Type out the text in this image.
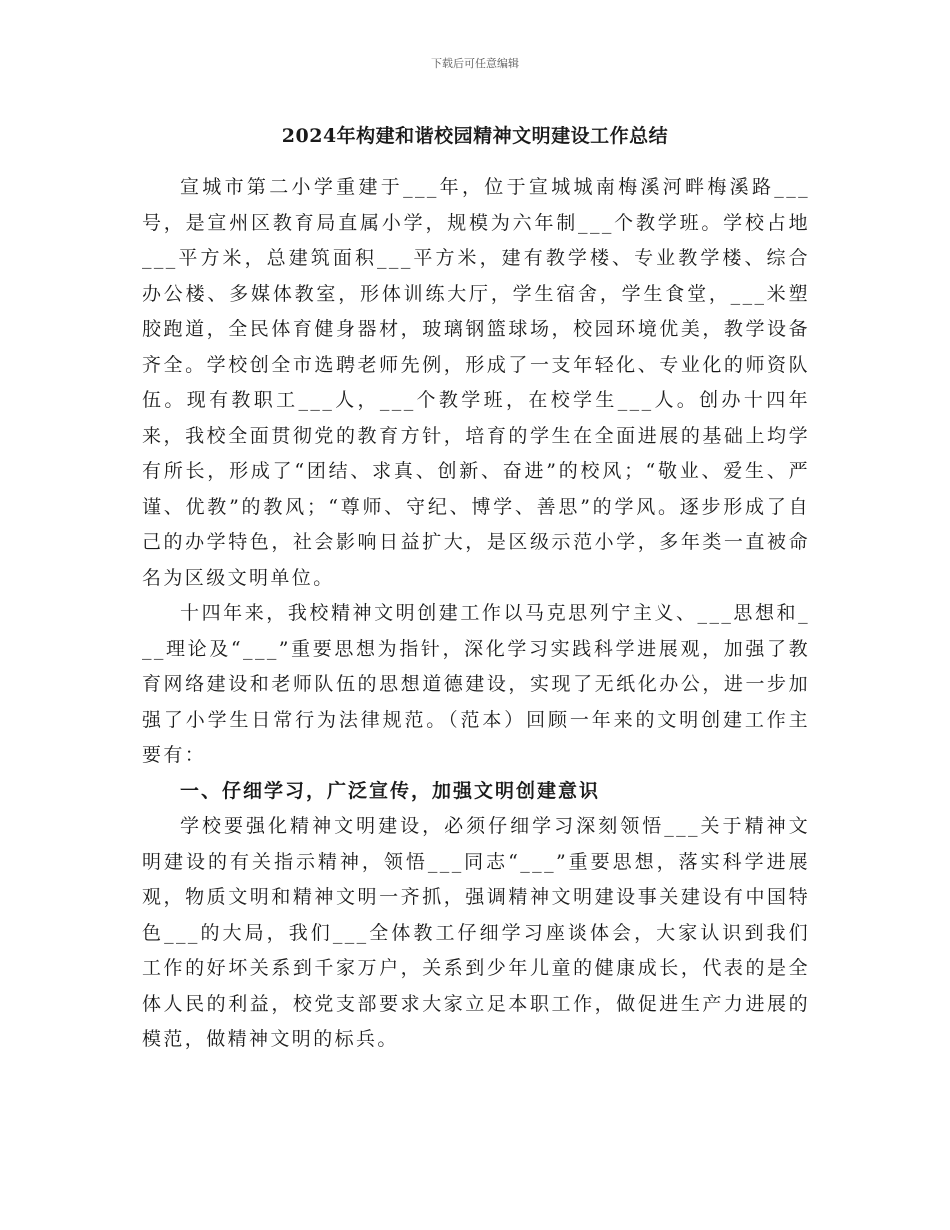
下载后可任意编辑
2024年构建和谐校园精神文明建设工作总结

宣城市第二小学重建于___年，位于宣城城南梅溪河畔梅溪路___号，是宣州区教育局直属小学，规模为六年制___个教学班。学校占地___平方米，总建筑面积___平方米，建有教学楼、专业教学楼、综合办公楼、多媒体教室，形体训练大厅，学生宿舍，学生食堂，___米塑胶跑道，全民体育健身器材，玻璃钢篮球场，校园环境优美，教学设备齐全。学校创全市选聘老师先例，形成了一支年轻化、专业化的师资队伍。现有教职工___人，___个教学班，在校学生___人。创办十四年来，我校全面贯彻党的教育方针，培育的学生在全面进展的基础上均学有所长，形成了“团结、求真、创新、奋进”的校风；“敬业、爱生、严谨、优教”的教风；“尊师、守纪、博学、善思”的学风。逐步形成了自己的办学特色，社会影响日益扩大，是区级示范小学，多年类一直被命名为区级文明单位。

十四年来，我校精神文明创建工作以马克思列宁主义、___思想和___理论及“___”重要思想为指针，深化学习实践科学进展观，加强了教育网络建设和老师队伍的思想道德建设，实现了无纸化办公，进一步加强了小学生日常行为法律规范。（范本）回顾一年来的文明创建工作主要有：

一、仔细学习，广泛宣传，加强文明创建意识

学校要强化精神文明建设，必须仔细学习深刻领悟___关于精神文明建设的有关指示精神，领悟___同志“___”重要思想，落实科学进展观，物质文明和精神文明一齐抓，强调精神文明建设事关建设有中国特色___的大局，我们___全体教工仔细学习座谈体会，大家认识到我们工作的好坏关系到千家万户，关系到少年儿童的健康成长，代表的是全体人民的利益，校党支部要求大家立足本职工作，做促进生产力进展的模范，做精神文明的标兵。
